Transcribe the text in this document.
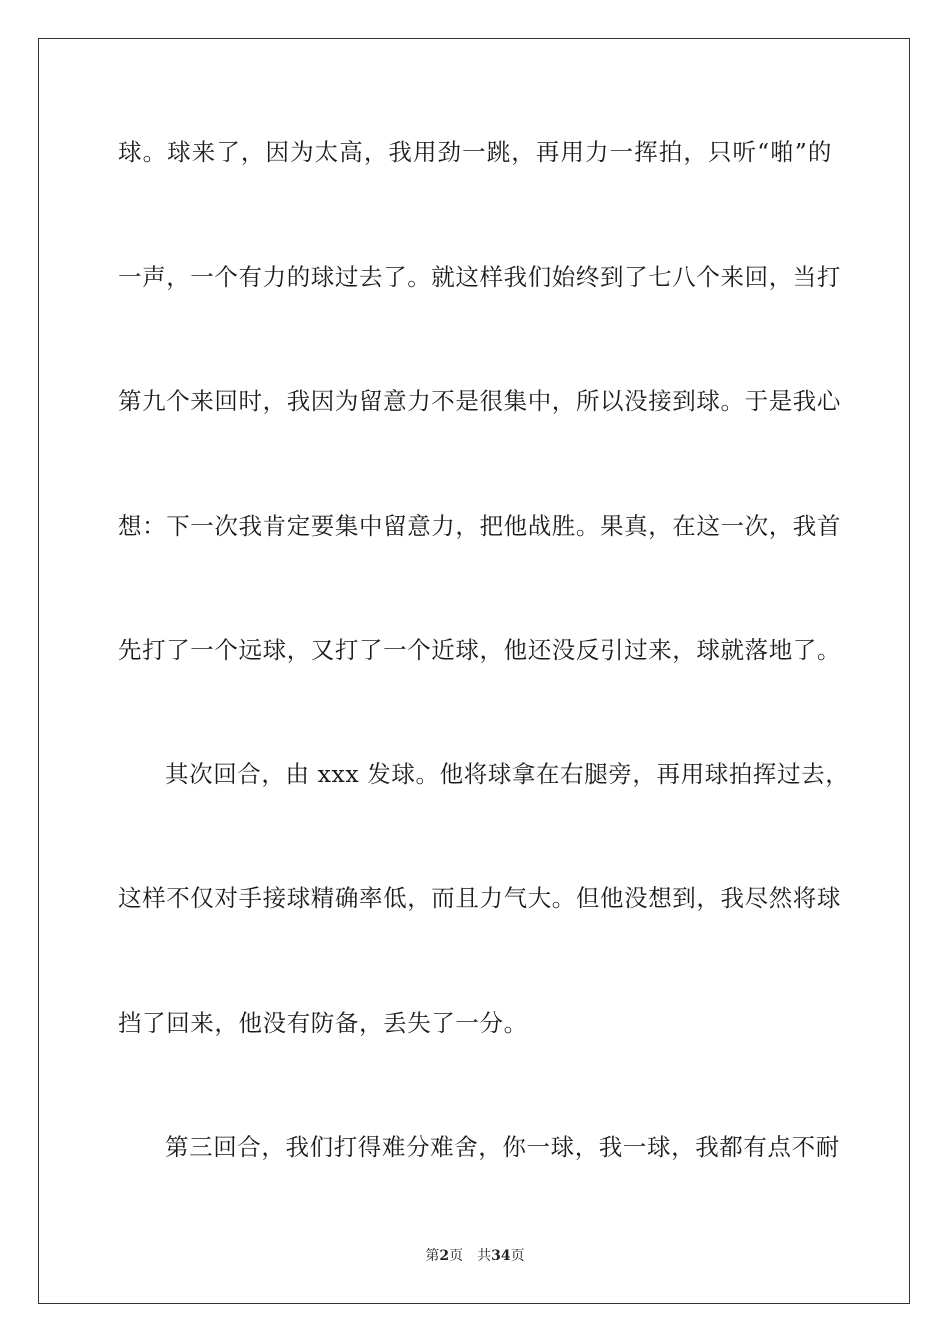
球。球来了，因为太高，我用劲一跳，再用力一挥拍，只听“啪”的
一声，一个有力的球过去了。就这样我们始终到了七八个来回，当打
第九个来回时，我因为留意力不是很集中，所以没接到球。于是我心
想：下一次我肯定要集中留意力，把他战胜。果真，在这一次，我首
先打了一个远球，又打了一个近球，他还没反引过来，球就落地了。
其次回合，由 xxx 发球。他将球拿在右腿旁，再用球拍挥过去，
这样不仅对手接球精确率低，而且力气大。但他没想到，我尽然将球
挡了回来，他没有防备，丢失了一分。
第三回合，我们打得难分难舍，你一球，我一球，我都有点不耐
第2页 共34页
